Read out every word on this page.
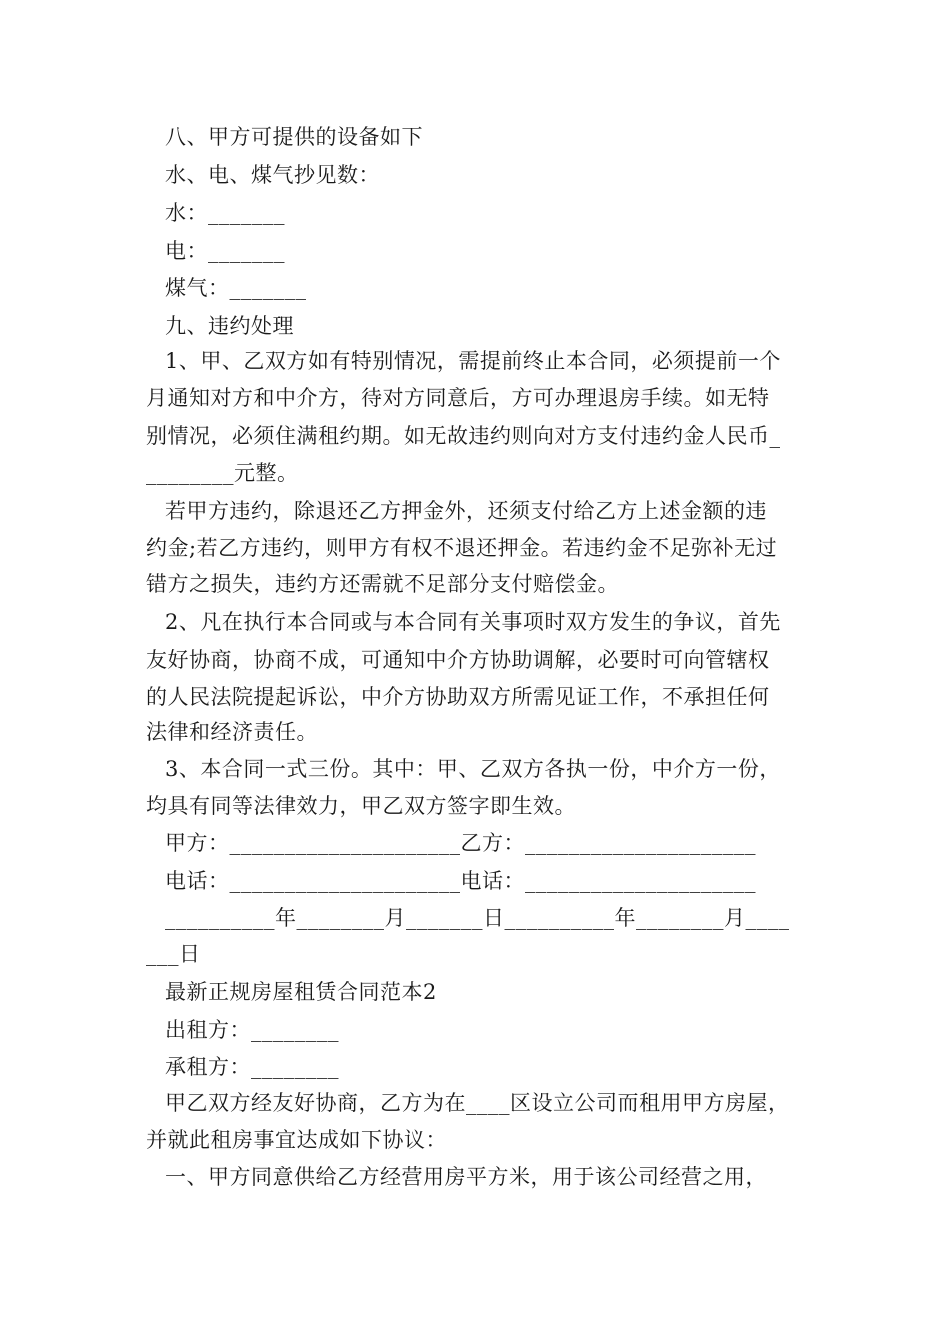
八、甲方可提供的设备如下
水、电、煤气抄见数：
水：_______
电：_______
煤气：_______
九、违约处理
1、甲、乙双方如有特别情况，需提前终止本合同，必须提前一个
月通知对方和中介方，待对方同意后，方可办理退房手续。如无特
别情况，必须住满租约期。如无故违约则向对方支付违约金人民币_
________元整。
若甲方违约，除退还乙方押金外，还须支付给乙方上述金额的违
约金;若乙方违约，则甲方有权不退还押金。若违约金不足弥补无过
错方之损失，违约方还需就不足部分支付赔偿金。
2、凡在执行本合同或与本合同有关事项时双方发生的争议，首先
友好协商，协商不成，可通知中介方协助调解，必要时可向管辖权
的人民法院提起诉讼，中介方协助双方所需见证工作，不承担任何
法律和经济责任。
3、本合同一式三份。其中：甲、乙双方各执一份，中介方一份，
均具有同等法律效力，甲乙双方签字即生效。
甲方：_____________________乙方：_____________________
电话：_____________________电话：_____________________
__________年________月_______日__________年________月____
___日
最新正规房屋租赁合同范本2
出租方：________
承租方：________
甲乙双方经友好协商，乙方为在____区设立公司而租用甲方房屋，
并就此租房事宜达成如下协议：
一、甲方同意供给乙方经营用房平方米，用于该公司经营之用，
